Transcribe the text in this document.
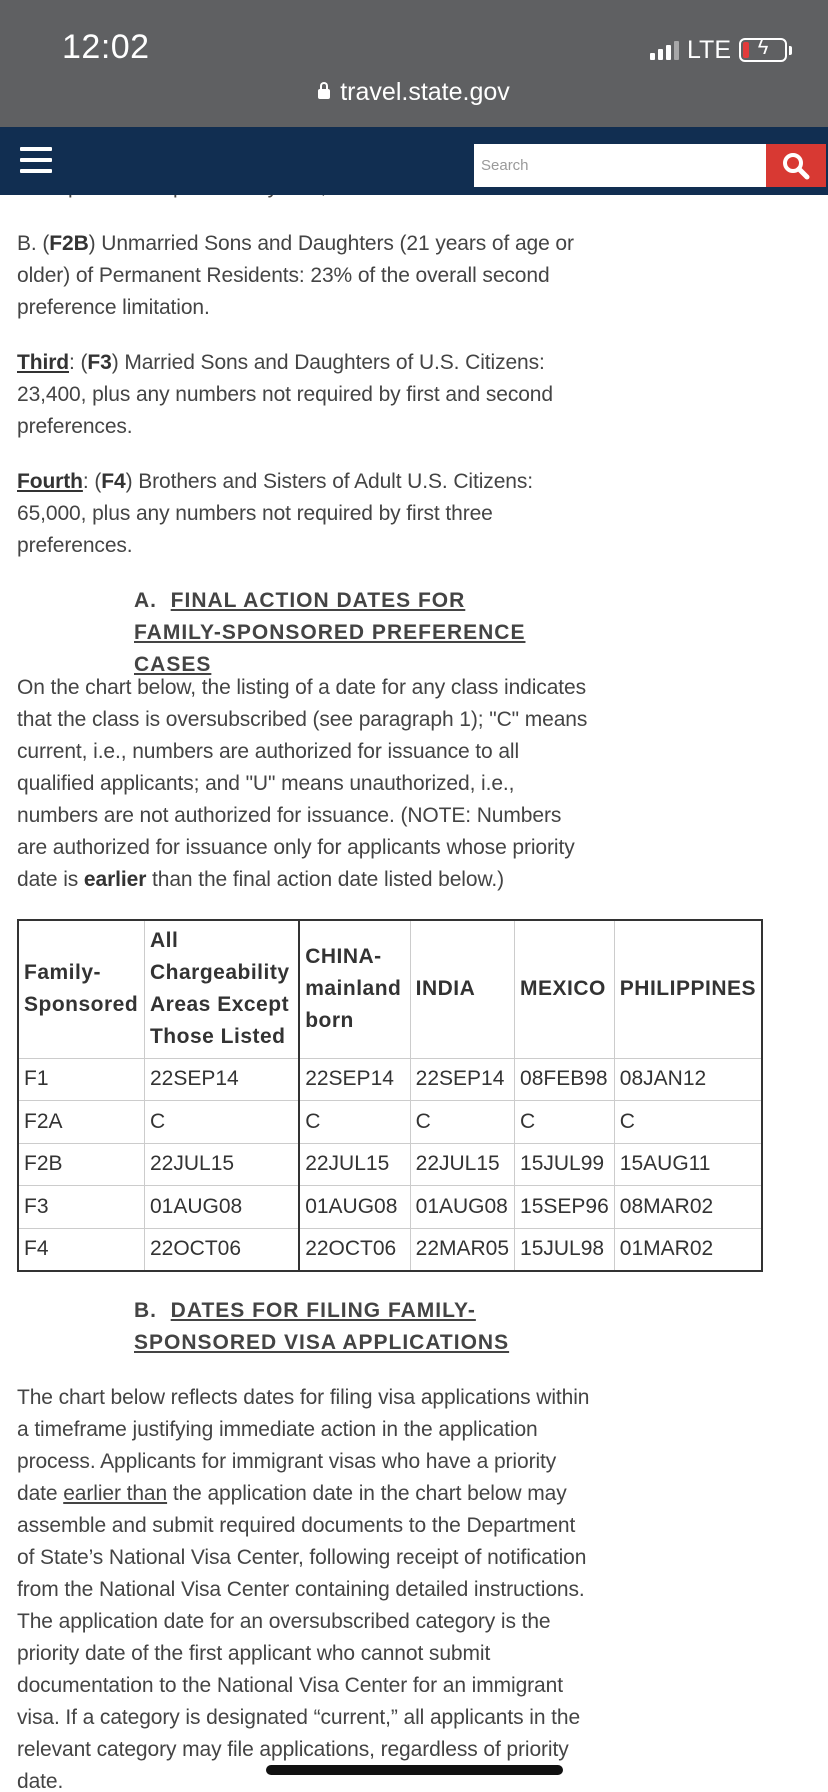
12:02	LTE	ϟ
travel.state.gov
Search
B. (F2B) Unmarried Sons and Daughters (21 years of age or older) of Permanent Residents: 23% of the overall second preference limitation.
Third: (F3) Married Sons and Daughters of U.S. Citizens: 23,400, plus any numbers not required by first and second preferences.
Fourth: (F4) Brothers and Sisters of Adult U.S. Citizens: 65,000, plus any numbers not required by first three preferences.
A. FINAL ACTION DATES FOR FAMILY-SPONSORED PREFERENCE CASES
On the chart below, the listing of a date for any class indicates that the class is oversubscribed (see paragraph 1); "C" means current, i.e., numbers are authorized for issuance to all qualified applicants; and "U" means unauthorized, i.e., numbers are not authorized for issuance. (NOTE: Numbers are authorized for issuance only for applicants whose priority date is earlier than the final action date listed below.)
Family-Sponsored	All Chargeability Areas Except Those Listed	CHINA-mainland born	INDIA	MEXICO	PHILIPPINES
F1	22SEP14	22SEP14	22SEP14	08FEB98	08JAN12
F2A	C	C	C	C	C
F2B	22JUL15	22JUL15	22JUL15	15JUL99	15AUG11
F3	01AUG08	01AUG08	01AUG08	15SEP96	08MAR02
F4	22OCT06	22OCT06	22MAR05	15JUL98	01MAR02
B. DATES FOR FILING FAMILY-SPONSORED VISA APPLICATIONS
The chart below reflects dates for filing visa applications within a timeframe justifying immediate action in the application process. Applicants for immigrant visas who have a priority date earlier than the application date in the chart below may assemble and submit required documents to the Department of State’s National Visa Center, following receipt of notification from the National Visa Center containing detailed instructions. The application date for an oversubscribed category is the priority date of the first applicant who cannot submit documentation to the National Visa Center for an immigrant visa. If a category is designated “current,” all applicants in the relevant category may file applications, regardless of priority date.
